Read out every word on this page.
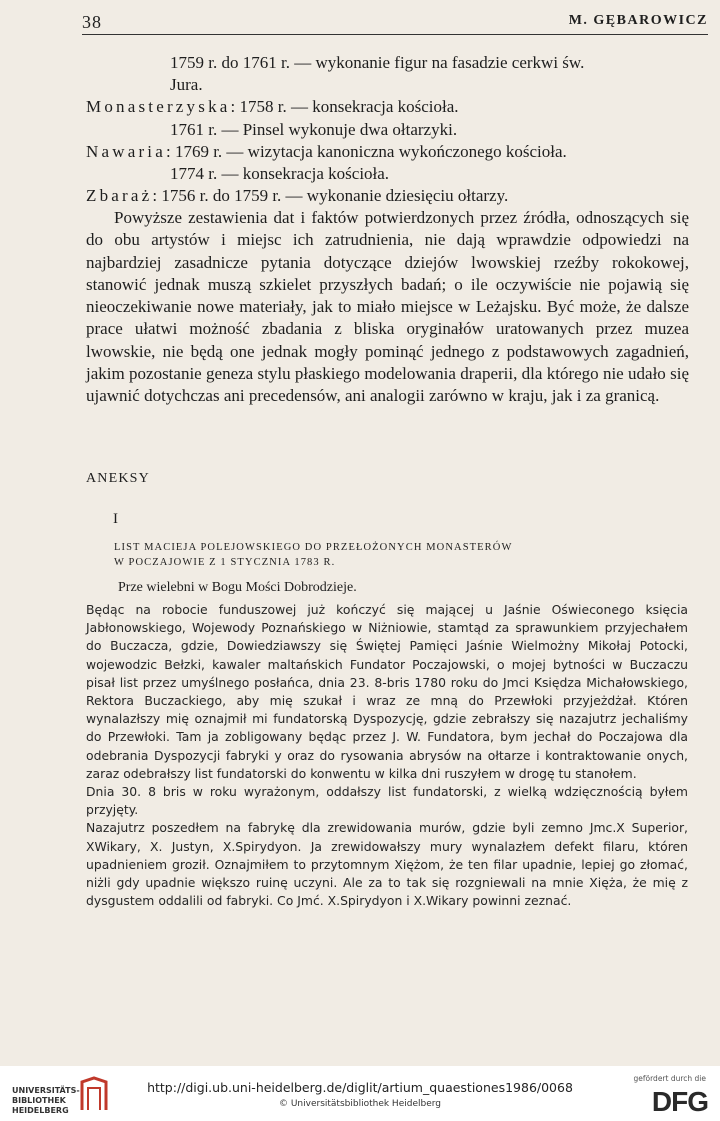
38	M. GĘBAROWICZ
1759 r. do 1761 r. — wykonanie figur na fasadzie cerkwi św.
Jura.
Monasterzyska: 1758 r. — konsekracja kościoła.
1761 r. — Pinsel wykonuje dwa ołtarzyki.
Nawaria: 1769 r. — wizytacja kanoniczna wykończonego kościoła.
1774 r. — konsekracja kościoła.
Zbaraż: 1756 r. do 1759 r. — wykonanie dziesięciu ołtarzy.
Powyższe zestawienia dat i faktów potwierdzonych przez źródła, odnoszących się do obu artystów i miejsc ich zatrudnienia, nie dają wprawdzie odpowiedzi na najbardziej zasadnicze pytania dotyczące dziejów lwowskiej rzeźby rokokowej, stanowić jednak muszą szkielet przyszłych badań; o ile oczywiście nie pojawią się nieoczekiwanie nowe materiały, jak to miało miejsce w Leżajsku. Być może, że dalsze prace ułatwi możność zbadania z bliska oryginałów uratowanych przez muzea lwowskie, nie będą one jednak mogły pominąć jednego z podstawowych zagadnień, jakim pozostanie geneza stylu płaskiego modelowania draperii, dla którego nie udało się ujawnić dotychczas ani precedensów, ani analogii zarówno w kraju, jak i za granicą.
ANEKSY
I
LIST MACIEJA POLEJOWSKIEGO DO PRZEŁOŻONYCH MONASTERÓW
W POCZAJOWIE Z 1 STYCZNIA 1783 R.
Prze wielebni w Bogu Mości Dobrodzieje.

Będąc na robocie funduszowej już kończyć się mającej u Jaśnie Oświeconego księcia Jabłonowskiego, Wojewody Poznańskiego w Niżniowie, stamtąd za sprawunkiem przyjechałem do Buczacza, gdzie, Dowiedziawszy się Świętej Pamięci Jaśnie Wielmożny Mikołaj Potocki, wojewodzic Bełzki, kawaler maltańskich Fundator Poczajowski, o mojej bytności w Buczaczu pisał list przez umyślnego posłańca, dnia 23. 8-bris 1780 roku do Jmci Księdza Michałowskiego, Rektora Buczackiego, aby mię szukał i wraz ze mną do Przewłoki przyjeżdżał. Któren wynalazłszy mię oznajmił mi fundatorską Dyspozycję, gdzie zebrałszy się nazajutrz jechaliśmy do Przewłoki. Tam ja zobligowany będąc przez J. W. Fundatora, bym jechał do Poczajowa dla odebrania Dyspozycji fabryki y oraz do rysowania abrysów na ołtarze i kontraktowanie onych, zaraz odebrałszy list fundatorski do konwentu w kilka dni ruszyłem w drogę tu stanołem.

Dnia 30. 8 bris w roku wyrażonym, oddałszy list fundatorski, z wielką wdzięcznością byłem przyjęty.

Nazajutrz poszedłem na fabrykę dla zrewidowania murów, gdzie byli zemno Jmc.X Superior, XWikary, X. Justyn, X.Spirydyon. Ja zrewidowałszy mury wynalazłem defekt filaru, któren upadnieniem groził. Oznajmiłem to przytomnym Xiężom, że ten filar upadnie, lepiej go złomać, niżli gdy upadnie większo ruinę uczyni. Ale za to tak się rozgniewali na mnie Xięża, że mię z dysgustem oddalili od fabryki. Co Jmć. X.Spirydyon i X.Wikary powinni zeznać.

UNIVERSITÄTS-
BIBLIOTHEK
HEIDELBERG
http://digi.ub.uni-heidelberg.de/diglit/artium_quaestiones1986/0068
© Universitätsbibliothek Heidelberg
gefördert durch die
DFG
